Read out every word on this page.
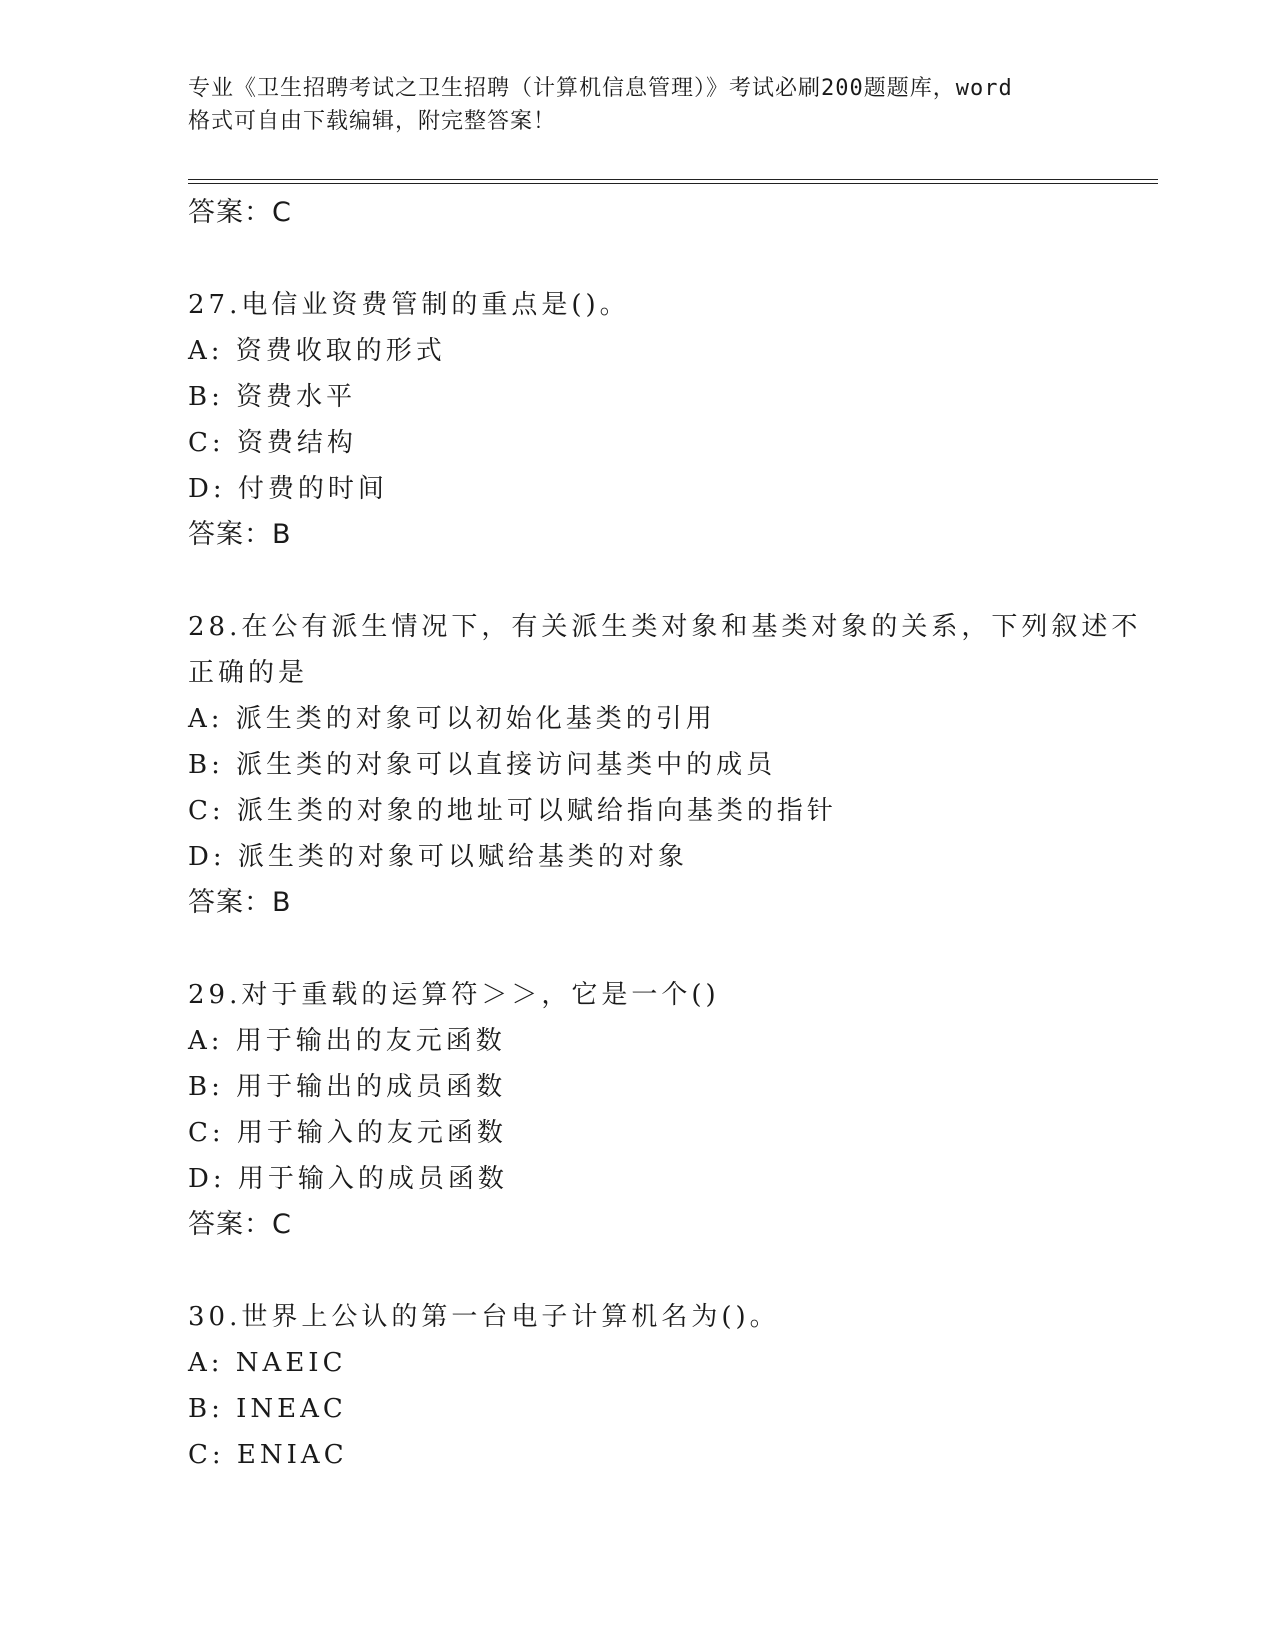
专业《卫生招聘考试之卫生招聘（计算机信息管理）》考试必刷200题题库，word
格式可自由下载编辑，附完整答案！
答案：C
27.电信业资费管制的重点是()。
A: 资费收取的形式
B: 资费水平
C: 资费结构
D: 付费的时间
答案：B
28.在公有派生情况下，有关派生类对象和基类对象的关系，下列叙述不正确的是
A: 派生类的对象可以初始化基类的引用
B: 派生类的对象可以直接访问基类中的成员
C: 派生类的对象的地址可以赋给指向基类的指针
D: 派生类的对象可以赋给基类的对象
答案：B
29.对于重载的运算符＞＞，它是一个()
A: 用于输出的友元函数
B: 用于输出的成员函数
C: 用于输入的友元函数
D: 用于输入的成员函数
答案：C
30.世界上公认的第一台电子计算机名为()。
A: NAEIC
B: INEAC
C: ENIAC
